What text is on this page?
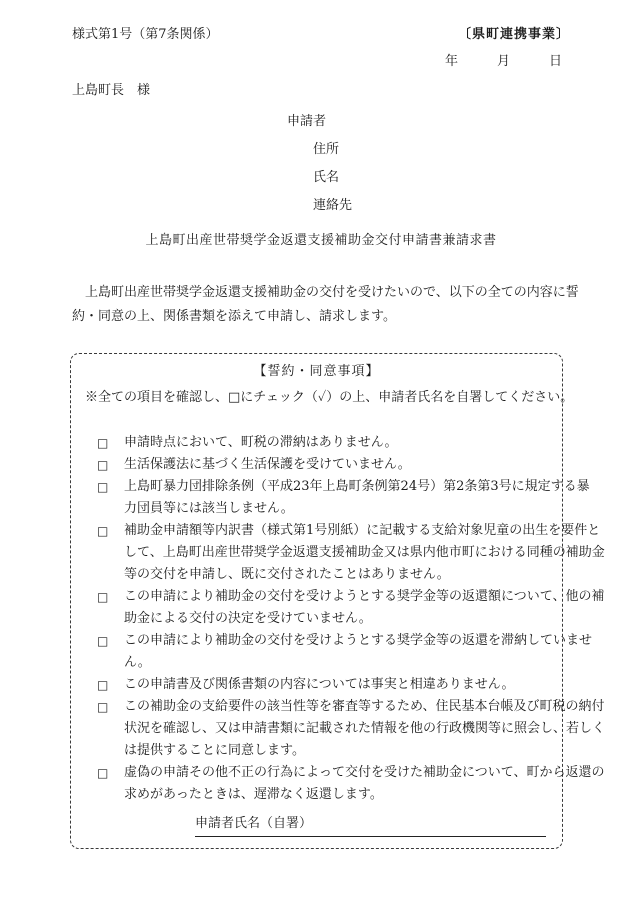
様式第1号（第7条関係）	〔県町連携事業〕
年　　　月　　　日
上島町長　様
申請者
住所
氏名
連絡先
上島町出産世帯奨学金返還支援補助金交付申請書兼請求書
　上島町出産世帯奨学金返還支援補助金の交付を受けたいので、以下の全ての内容に誓
約・同意の上、関係書類を添えて申請し、請求します。
【誓約・同意事項】
※全ての項目を確認し、□にチェック（✓）の上、申請者氏名を自署してください。
□	申請時点において、町税の滞納はありません。
□	生活保護法に基づく生活保護を受けていません。
□	上島町暴力団排除条例（平成23年上島町条例第24号）第2条第3号に規定する暴
力団員等には該当しません。
□	補助金申請額等内訳書（様式第1号別紙）に記載する支給対象児童の出生を要件と
して、上島町出産世帯奨学金返還支援補助金又は県内他市町における同種の補助金
等の交付を申請し、既に交付されたことはありません。
□	この申請により補助金の交付を受けようとする奨学金等の返還額について、他の補
助金による交付の決定を受けていません。
□	この申請により補助金の交付を受けようとする奨学金等の返還を滞納していませ
ん。
□	この申請書及び関係書類の内容については事実と相違ありません。
□	この補助金の支給要件の該当性等を審査等するため、住民基本台帳及び町税の納付
状況を確認し、又は申請書類に記載された情報を他の行政機関等に照会し、若しく
は提供することに同意します。
□	虚偽の申請その他不正の行為によって交付を受けた補助金について、町から返還の
求めがあったときは、遅滞なく返還します。
申請者氏名（自署）
